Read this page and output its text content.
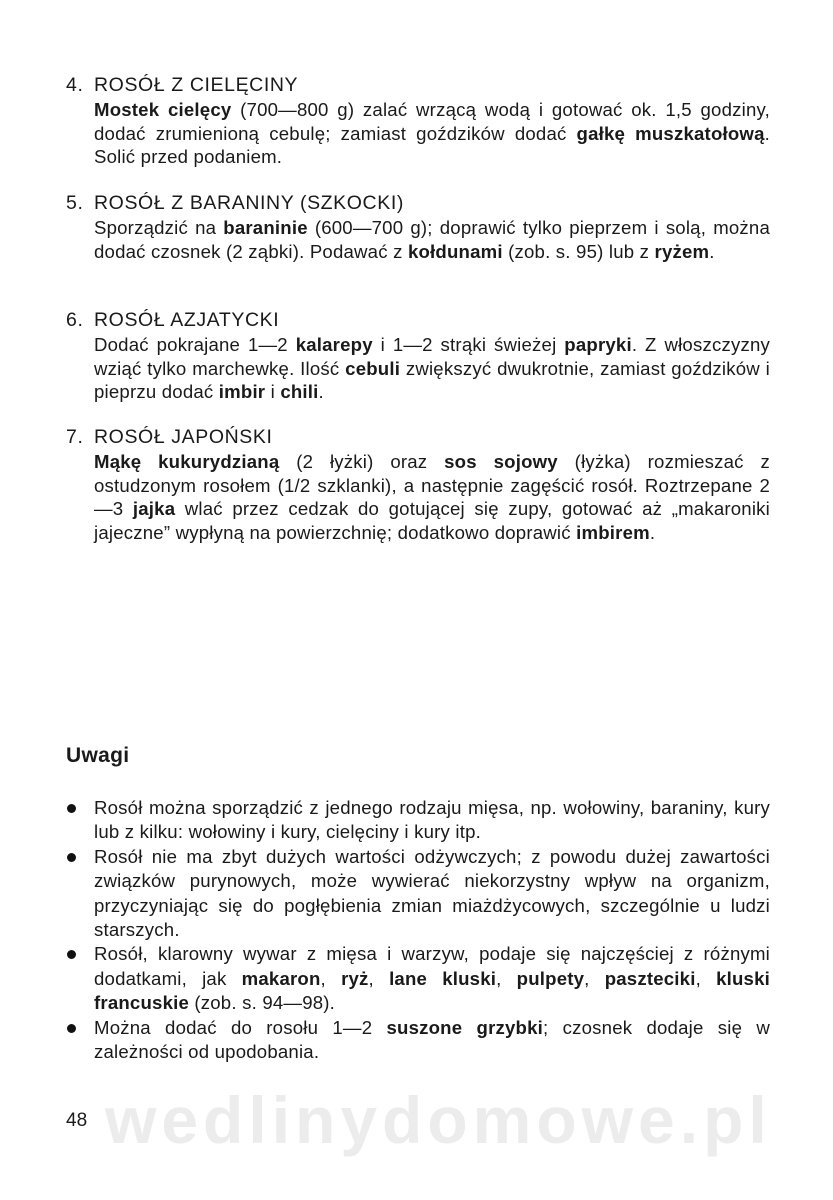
4. ROSÓŁ Z CIELĘCINY

Mostek cielęcy (700—800 g) zalać wrzącą wodą i gotować ok. 1,5 godziny, dodać zrumienioną cebulę; zamiast goździków dodać gałkę muszkatołową. Solić przed podaniem.

5. ROSÓŁ Z BARANINY (SZKOCKI)

Sporządzić na baraninie (600—700 g); doprawić tylko pieprzem i solą, można dodać czosnek (2 ząbki). Podawać z kołdunami (zob. s. 95) lub z ryżem.

6. ROSÓŁ AZJATYCKI

Dodać pokrajane 1—2 kalarepy i 1—2 strąki świeżej papryki. Z włoszczyzny wziąć tylko marchewkę. Ilość cebuli zwiększyć dwukrotnie, zamiast goździków i pieprzu dodać imbir i chili.

7. ROSÓŁ JAPOŃSKI

Mąkę kukurydzianą (2 łyżki) oraz sos sojowy (łyżka) rozmieszać z ostudzonym rosołem (1/2 szklanki), a następnie zagęścić rosół. Roztrzepane 2—3 jajka wlać przez cedzak do gotującej się zupy, gotować aż „makaroniki jajeczne” wypłyną na powierzchnię; dodatkowo doprawić imbirem.

Uwagi
Rosół można sporządzić z jednego rodzaju mięsa, np. wołowiny, baraniny, kury lub z kilku: wołowiny i kury, cielęciny i kury itp.
Rosół nie ma zbyt dużych wartości odżywczych; z powodu dużej zawartości związków purynowych, może wywierać niekorzystny wpływ na organizm, przyczyniając się do pogłębienia zmian miażdżycowych, szczególnie u ludzi starszych.
Rosół, klarowny wywar z mięsa i warzyw, podaje się najczęściej z różnymi dodatkami, jak makaron, ryż, lane kluski, pulpety, paszteciki, kluski francuskie (zob. s. 94—98).
Można dodać do rosołu 1—2 suszone grzybki; czosnek dodaje się w zależności od upodobania.

wedlinydomowe.pl

48
